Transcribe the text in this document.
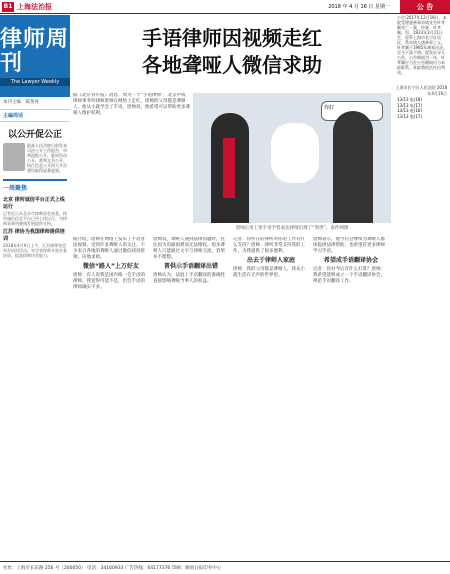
B1 上海法治报	2018 年 4 月 16 日 星期一	公 告
律师周刊
The Lawyer Weekly
本刊主编：陈斐亮
主编周话
以公开促公正
最高人民法院日前发布司法公开工作报告，审判流程公开、庭审活动公开、裁判文书公开、执行信息公开四大平台建设取得显著进展。
一周聚焦
北京 律所诚信平台正式上线运行
记者近日从北京市律师协会获悉，律所诚信信息平台已经上线运行，为律师事务所健康发展提供支持。
江苏 律协为我国律师提供培训
2018年4月9日上午，江苏律师协会举办培训活动，对全省律师开展业务培训，提高律师执业能力。
手语律师因视频走红
各地聋哑人微信求助
据《北京青年报》消息，周为一个“手语律师”，北京中成律师事务所律师唐帅在网络上走红。唐帅的父母都是聋哑人，他从小就学会了手语。唐帅说，他希望可以帮助更多聋哑人维护权利。
你好
唐帅正用上述手语手势表达律师出现了“周世”。发件网图
据介绍，唐帅在网络上发布了手语普法视频，受到许多聋哑人的关注。不少来自各地的聋哑人通过微信找到唐帅，向他求助。
微信“路人”上万好友
唐帅：有人说我是国内唯一会手语的律师。我觉得可能不是，但会手语的律师确实不多。
唐帅说，聋哑人遇到法律问题时，往往因为沟通困难而无法维权。很多聋哑人只能通过文字与律师交流，效果并不理想。
普供示手语翻译出错
唐帅认为，法庭上手语翻译的准确性直接影响聋哑当事人的权益。
记者：你所在的律所对你的工作有什么支持？唐帅：律所非常支持我的工作，为我提供了很多便利。
出去于律师人家庭
唐帅：我的父母都是聋哑人，我从小就生活在无声的世界里。
唐帅表示，他今后会继续为聋哑人群体提供法律帮助，也希望有更多律师学习手语。
希望成手语翻译协会
记者：你对今后有什么打算？唐帅：我希望能够成立一个手语翻译协会，规范手语翻译工作。
公告:2017年12月18日，本院受理盛善章申请宣告叶孝顺死亡一案，经查：叶孝顺，男，1923年3月11日生，原系上海市长宁区居民，系申请人盛善章之父。叶孝顺于1985年离家出走，至今下落不明。现发出寻人公告，公告期间为一年，叶孝顺应当在公告期间内与本院联系，本院将依法作出判决。
上海市长宁区人民法院 2018年4月16日
13/13 电(18)
13/13 电(17)
13/13 电(18)
13/13 电(17)
社址：上海市长乐路 256 号（200050） 电话：34160933 广告热线：64177376 印刷：解放日报印务中心
